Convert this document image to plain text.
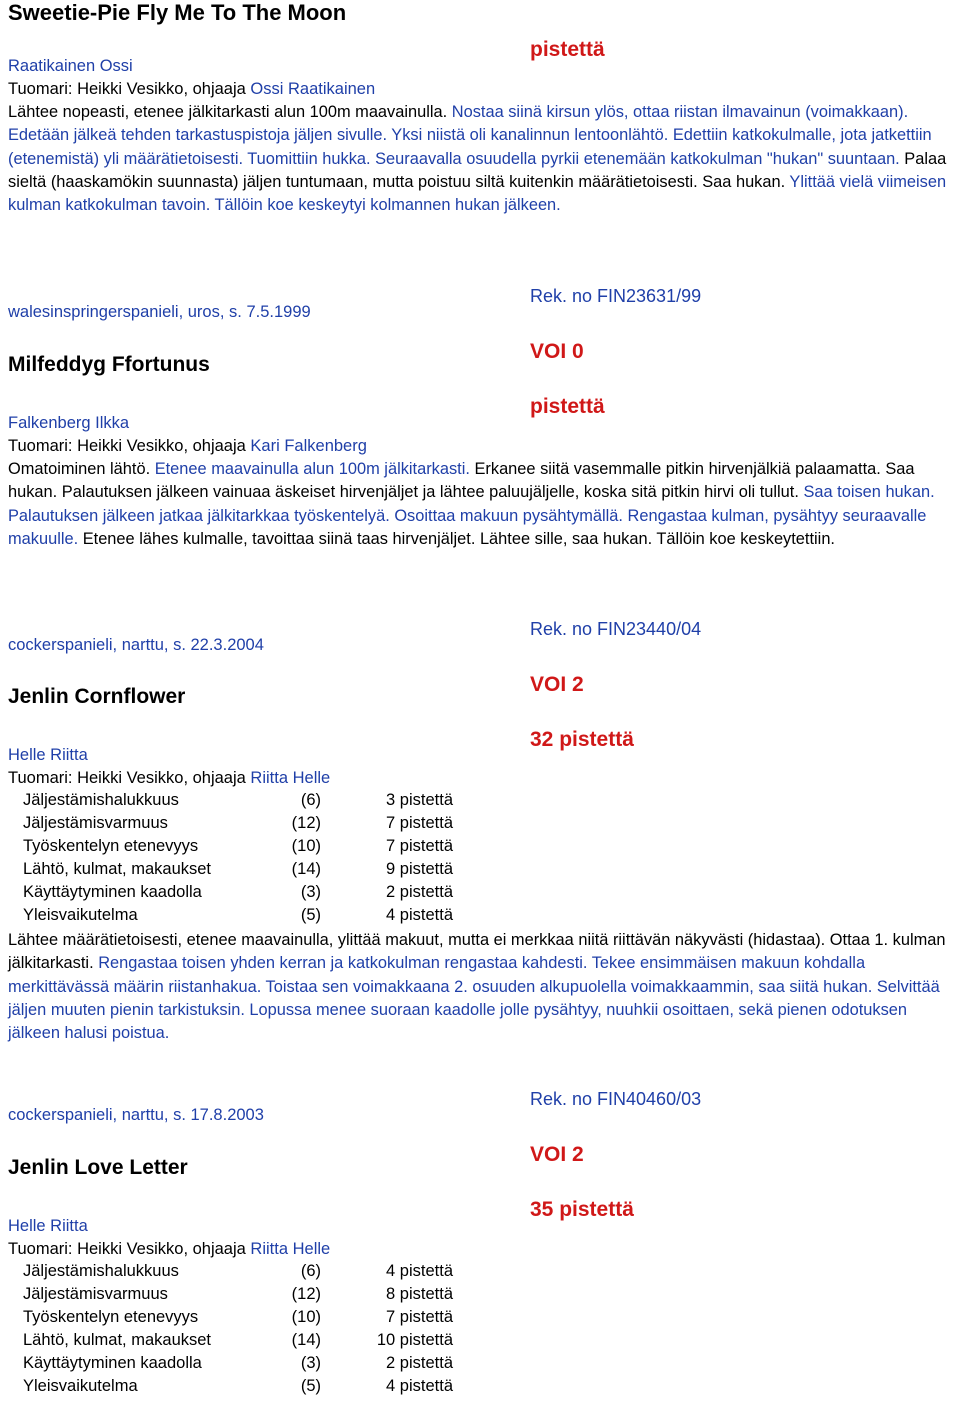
Sweetie-Pie Fly Me To The Moon
pistettä
Raatikainen Ossi
Tuomari: Heikki Vesikko, ohjaaja Ossi Raatikainen
Lähtee nopeasti, etenee jälkitarkasti alun 100m maavainulla. Nostaa siinä kirsun ylös, ottaa riistan ilmavainun (voimakkaan). Edetään jälkeä tehden tarkastuspistoja jäljen sivulle. Yksi niistä oli kanalinnun lentoonlähtö. Edettiin katkokulmalle, jota jatkettiin (etenemistä) yli määrätietoisesti. Tuomittiin hukka. Seuraavalla osuudella pyrkii etenemään katkokulman "hukan" suuntaan. Palaa sieltä (haaskamökin suunnasta) jäljen tuntumaan, mutta poistuu siltä kuitenkin määrätietoisesti. Saa hukan. Ylittää vielä viimeisen kulman katkokulman tavoin. Tällöin koe keskeytyi kolmannen hukan jälkeen.
Rek. no FIN23631/99
walesinspringerspanieli, uros, s. 7.5.1999
VOI 0
Milfeddyg Ffortunus
pistettä
Falkenberg Ilkka
Tuomari: Heikki Vesikko, ohjaaja Kari Falkenberg
Omatoiminen lähtö. Etenee maavainulla alun 100m jälkitarkasti. Erkanee siitä vasemmalle pitkin hirvenjälkiä palaamatta. Saa hukan. Palautuksen jälkeen vainuaa äskeiset hirvenjäljet ja lähtee paluujäljelle, koska sitä pitkin hirvi oli tullut. Saa toisen hukan. Palautuksen jälkeen jatkaa jälkitarkkaa työskentelyä. Osoittaa makuun pysähtymällä. Rengastaa kulman, pysähtyy seuraavalle makuulle. Etenee lähes kulmalle, tavoittaa siinä taas hirvenjäljet. Lähtee sille, saa hukan. Tällöin koe keskeytettiin.
Rek. no FIN23440/04
cockerspanieli, narttu, s. 22.3.2004
VOI 2
Jenlin Cornflower
32 pistettä
Helle Riitta
Tuomari: Heikki Vesikko, ohjaaja Riitta Helle
Jäljestämishalukkuus	(6)	3 pistettä
Jäljestämisvarmuus	(12)	7 pistettä
Työskentelyn etenevyys	(10)	7 pistettä
Lähtö, kulmat, makaukset	(14)	9 pistettä
Käyttäytyminen kaadolla	(3)	2 pistettä
Yleisvaikutelma	(5)	4 pistettä
Lähtee määrätietoisesti, etenee maavainulla, ylittää makuut, mutta ei merkkaa niitä riittävän näkyvästi (hidastaa). Ottaa 1. kulman jälkitarkasti. Rengastaa toisen yhden kerran ja katkokulman rengastaa kahdesti. Tekee ensimmäisen makuun kohdalla merkittävässä määrin riistanhakua. Toistaa sen voimakkaana 2. osuuden alkupuolella voimakkaammin, saa siitä hukan. Selvittää jäljen muuten pienin tarkistuksin. Lopussa menee suoraan kaadolle jolle pysähtyy, nuuhkii osoittaen, sekä pienen odotuksen jälkeen halusi poistua.
Rek. no FIN40460/03
cockerspanieli, narttu, s. 17.8.2003
VOI 2
Jenlin Love Letter
35 pistettä
Helle Riitta
Tuomari: Heikki Vesikko, ohjaaja Riitta Helle
Jäljestämishalukkuus	(6)	4 pistettä
Jäljestämisvarmuus	(12)	8 pistettä
Työskentelyn etenevyys	(10)	7 pistettä
Lähtö, kulmat, makaukset	(14)	10 pistettä
Käyttäytyminen kaadolla	(3)	2 pistettä
Yleisvaikutelma	(5)	4 pistettä
